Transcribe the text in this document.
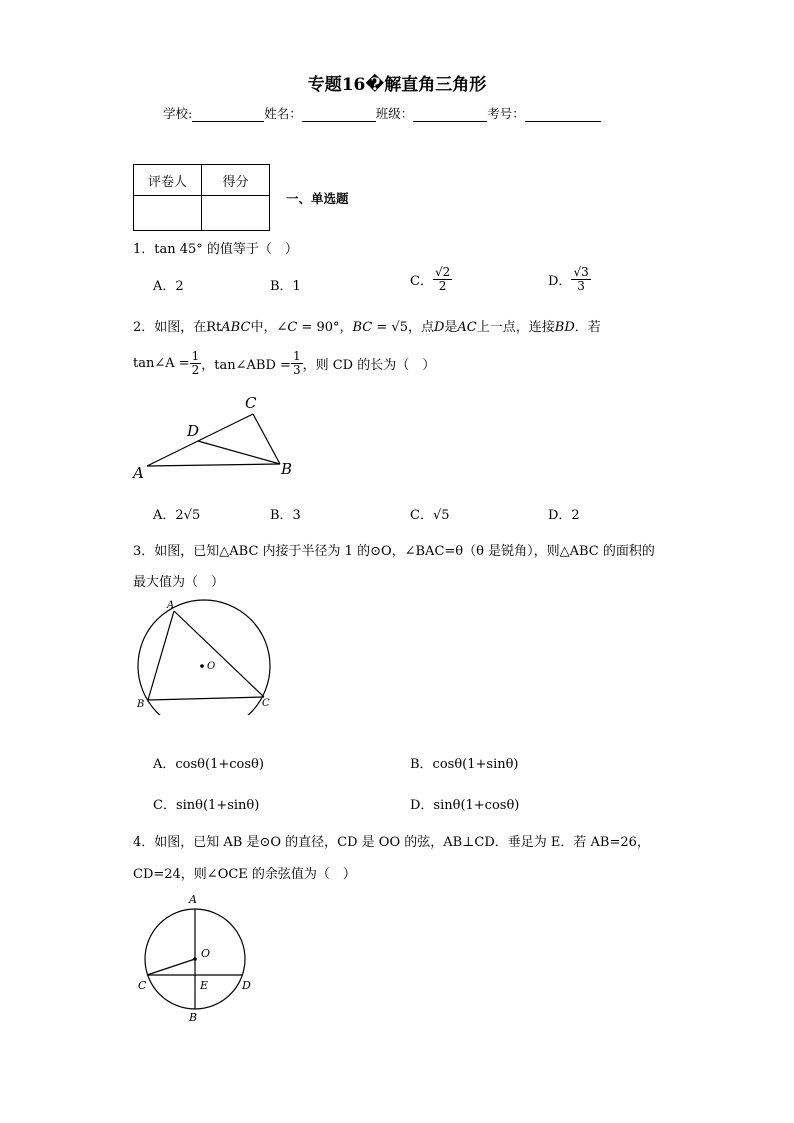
专题16�解直角三角形
学校:	姓名：	班级：	考号：
评卷人	得分

一、单选题
1．tan 45° 的值等于（　）
A．2	B．1	C． $\frac{√2}{2}$	D． $\frac{√3}{3}$
2．如图，在RtABC中，∠C = 90°，BC = √5，点D是AC上一点，连接BD．若
tan∠A = $\frac{1}{2}$ ，tan∠ABD = $\frac{1}{3}$ ，则 CD 的长为（　）
A	B
C
D
A．2√5	B．3	C．√5	D．2
3．如图，已知△ABC 内接于半径为 1 的⊙O，∠BAC=θ（θ 是锐角），则△ABC 的面积的
最大值为（　）
A
B	C
O
A．cosθ(1+cosθ)	B．cosθ(1+sinθ)
C．sinθ(1+sinθ)	D．sinθ(1+cosθ)
4．如图，已知 AB 是⊙O 的直径，CD 是 OO 的弦，AB⊥CD．垂足为 E．若 AB=26，
CD=24，则∠OCE 的余弦值为（　）
A
B
C	D
E
O
